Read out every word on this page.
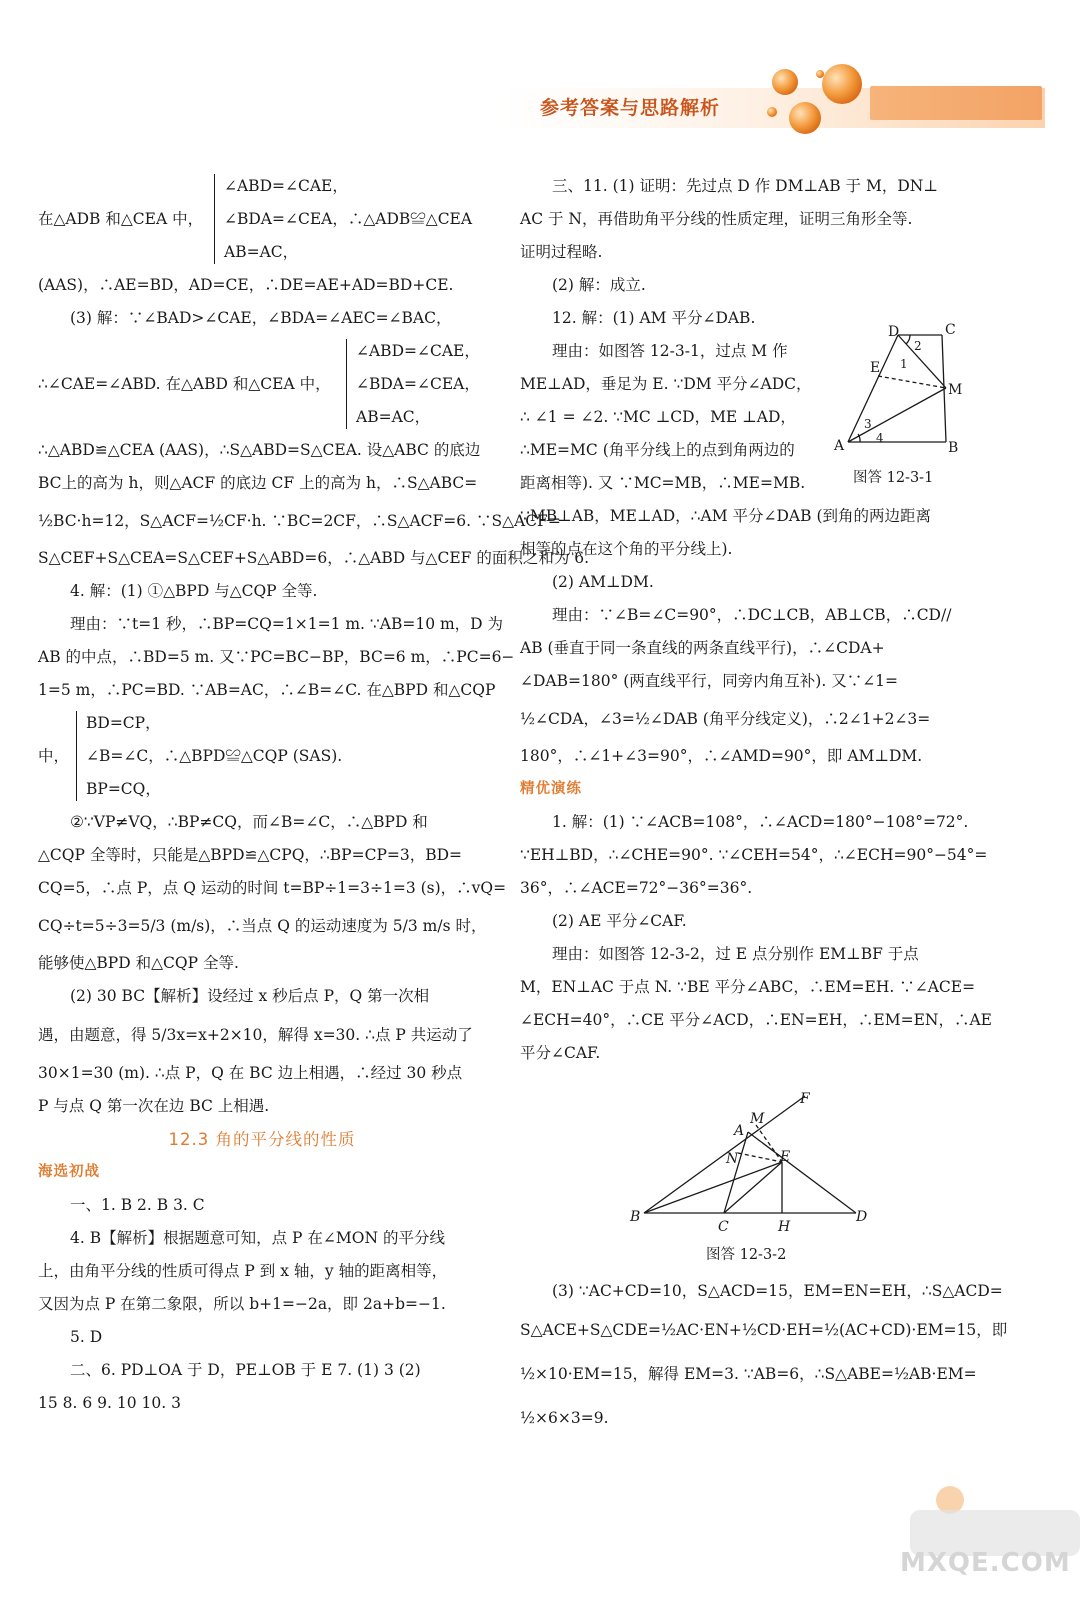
参考答案与思路解析
在△ADB 和△CEA 中，
∠ABD=∠CAE，
∠BDA=∠CEA，∴△ADB≌△CEA
AB=AC，
(AAS)，∴AE=BD，AD=CE，∴DE=AE+AD=BD+CE.
(3) 解：∵∠BAD>∠CAE，∠BDA=∠AEC=∠BAC，
∴∠CAE=∠ABD. 在△ABD 和△CEA 中，
∠ABD=∠CAE，
∠BDA=∠CEA，
AB=AC，
∴△ABD≌△CEA (AAS)，∴S△ABD=S△CEA. 设△ABC 的底边
BC上的高为 h，则△ACF 的底边 CF 上的高为 h，∴S△ABC=
½BC·h=12，S△ACF=½CF·h. ∵BC=2CF，∴S△ACF=6. ∵S△ACF=
S△CEF+S△CEA=S△CEF+S△ABD=6，∴△ABD 与△CEF 的面积之和为 6.
4. 解：(1) ①△BPD 与△CQP 全等.
理由：∵t=1 秒，∴BP=CQ=1×1=1 m. ∵AB=10 m，D 为
AB 的中点，∴BD=5 m. 又∵PC=BC−BP，BC=6 m，∴PC=6−
1=5 m，∴PC=BD. ∵AB=AC，∴∠B=∠C. 在△BPD 和△CQP
中，
BD=CP，
∠B=∠C，∴△BPD≌△CQP (SAS).
BP=CQ，
②∵VP≠VQ，∴BP≠CQ，而∠B=∠C，∴△BPD 和
△CQP 全等时，只能是△BPD≌△CPQ，∴BP=CP=3，BD=
CQ=5，∴点 P，点 Q 运动的时间 t=BP÷1=3÷1=3 (s)，∴vQ=
CQ÷t=5÷3=5/3 (m/s)，∴当点 Q 的运动速度为 5/3 m/s 时，
能够使△BPD 和△CQP 全等.
(2) 30 BC【解析】设经过 x 秒后点 P，Q 第一次相
遇，由题意，得 5/3x=x+2×10，解得 x=30. ∴点 P 共运动了
30×1=30 (m). ∴点 P，Q 在 BC 边上相遇，∴经过 30 秒点
P 与点 Q 第一次在边 BC 上相遇.
12.3 角的平分线的性质
海选初战
一、1. B 2. B 3. C
4. B【解析】根据题意可知，点 P 在∠MON 的平分线
上，由角平分线的性质可得点 P 到 x 轴，y 轴的距离相等，
又因为点 P 在第二象限，所以 b+1=−2a，即 2a+b=−1.
5. D
二、6. PD⊥OA 于 D，PE⊥OB 于 E 7. (1) 3 (2)
15 8. 6 9. 10 10. 3
三、11. (1) 证明：先过点 D 作 DM⊥AB 于 M，DN⊥
AC 于 N，再借助角平分线的性质定理，证明三角形全等.
证明过程略.
(2) 解：成立.
12. 解：(1) AM 平分∠DAB.
理由：如图答 12-3-1，过点 M 作
ME⊥AD，垂足为 E. ∵DM 平分∠ADC，
∴ ∠1 = ∠2. ∵MC ⊥CD，ME ⊥AD，
∴ME=MC (角平分线上的点到角两边的
距离相等). 又 ∵MC=MB，∴ME=MB.
∵MB⊥AB，ME⊥AD，∴AM 平分∠DAB (到角的两边距离
相等的点在这个角的平分线上).
(2) AM⊥DM.
理由：∵∠B=∠C=90°，∴DC⊥CB，AB⊥CB，∴CD//
AB (垂直于同一条直线的两条直线平行)，∴∠CDA+
∠DAB=180° (两直线平行，同旁内角互补). 又∵∠1=
½∠CDA，∠3=½∠DAB (角平分线定义)，∴2∠1+2∠3=
180°，∴∠1+∠3=90°，∴∠AMD=90°，即 AM⊥DM.
精优演练
1. 解：(1) ∵∠ACB=108°，∴∠ACD=180°−108°=72°.
∵EH⊥BD，∴∠CHE=90°. ∵∠CEH=54°，∴∠ECH=90°−54°=
36°，∴∠ACE=72°−36°=36°.
(2) AE 平分∠CAF.
理由：如图答 12-3-2，过 E 点分别作 EM⊥BF 于点
M，EN⊥AC 于点 N. ∵BE 平分∠ABC，∴EM=EH. ∵∠ACE=
∠ECH=40°，∴CE 平分∠ACD，∴EN=EH，∴EM=EN，∴AE
平分∠CAF.
(3) ∵AC+CD=10，S△ACD=15，EM=EN=EH，∴S△ACD=
S△ACE+S△CDE=½AC·EN+½CD·EH=½(AC+CD)·EM=15，即
½×10·EM=15，解得 EM=3. ∵AB=6，∴S△ABE=½AB·EM=
½×6×3=9.
D	C
E 1
2
M
3
4
A	B
图答 12-3-1
F
M
A
N	E
B
C	H
D
图答 12-3-2
MXQE.COM
